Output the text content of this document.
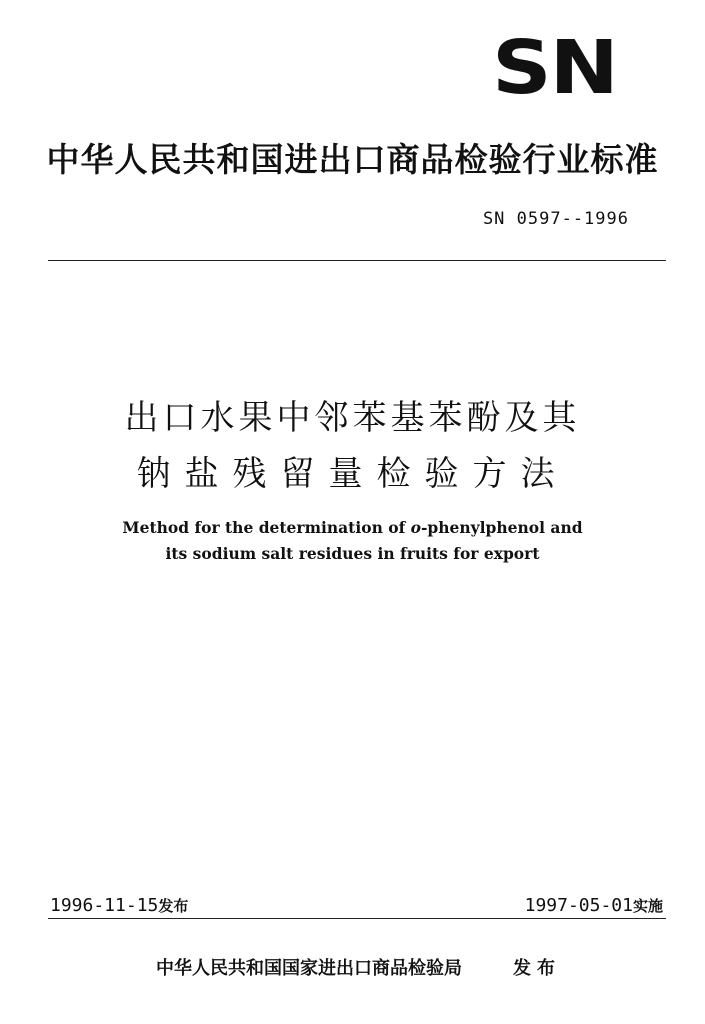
SN
中华人民共和国进出口商品检验行业标准
SN 0597--1996
出口水果中邻苯基苯酚及其
钠盐残留量检验方法
Method for the determination of o-phenylphenol and
its sodium salt residues in fruits for export
1996-11-15发布	1997-05-01实施
中华人民共和国国家进出口商品检验局	发布
